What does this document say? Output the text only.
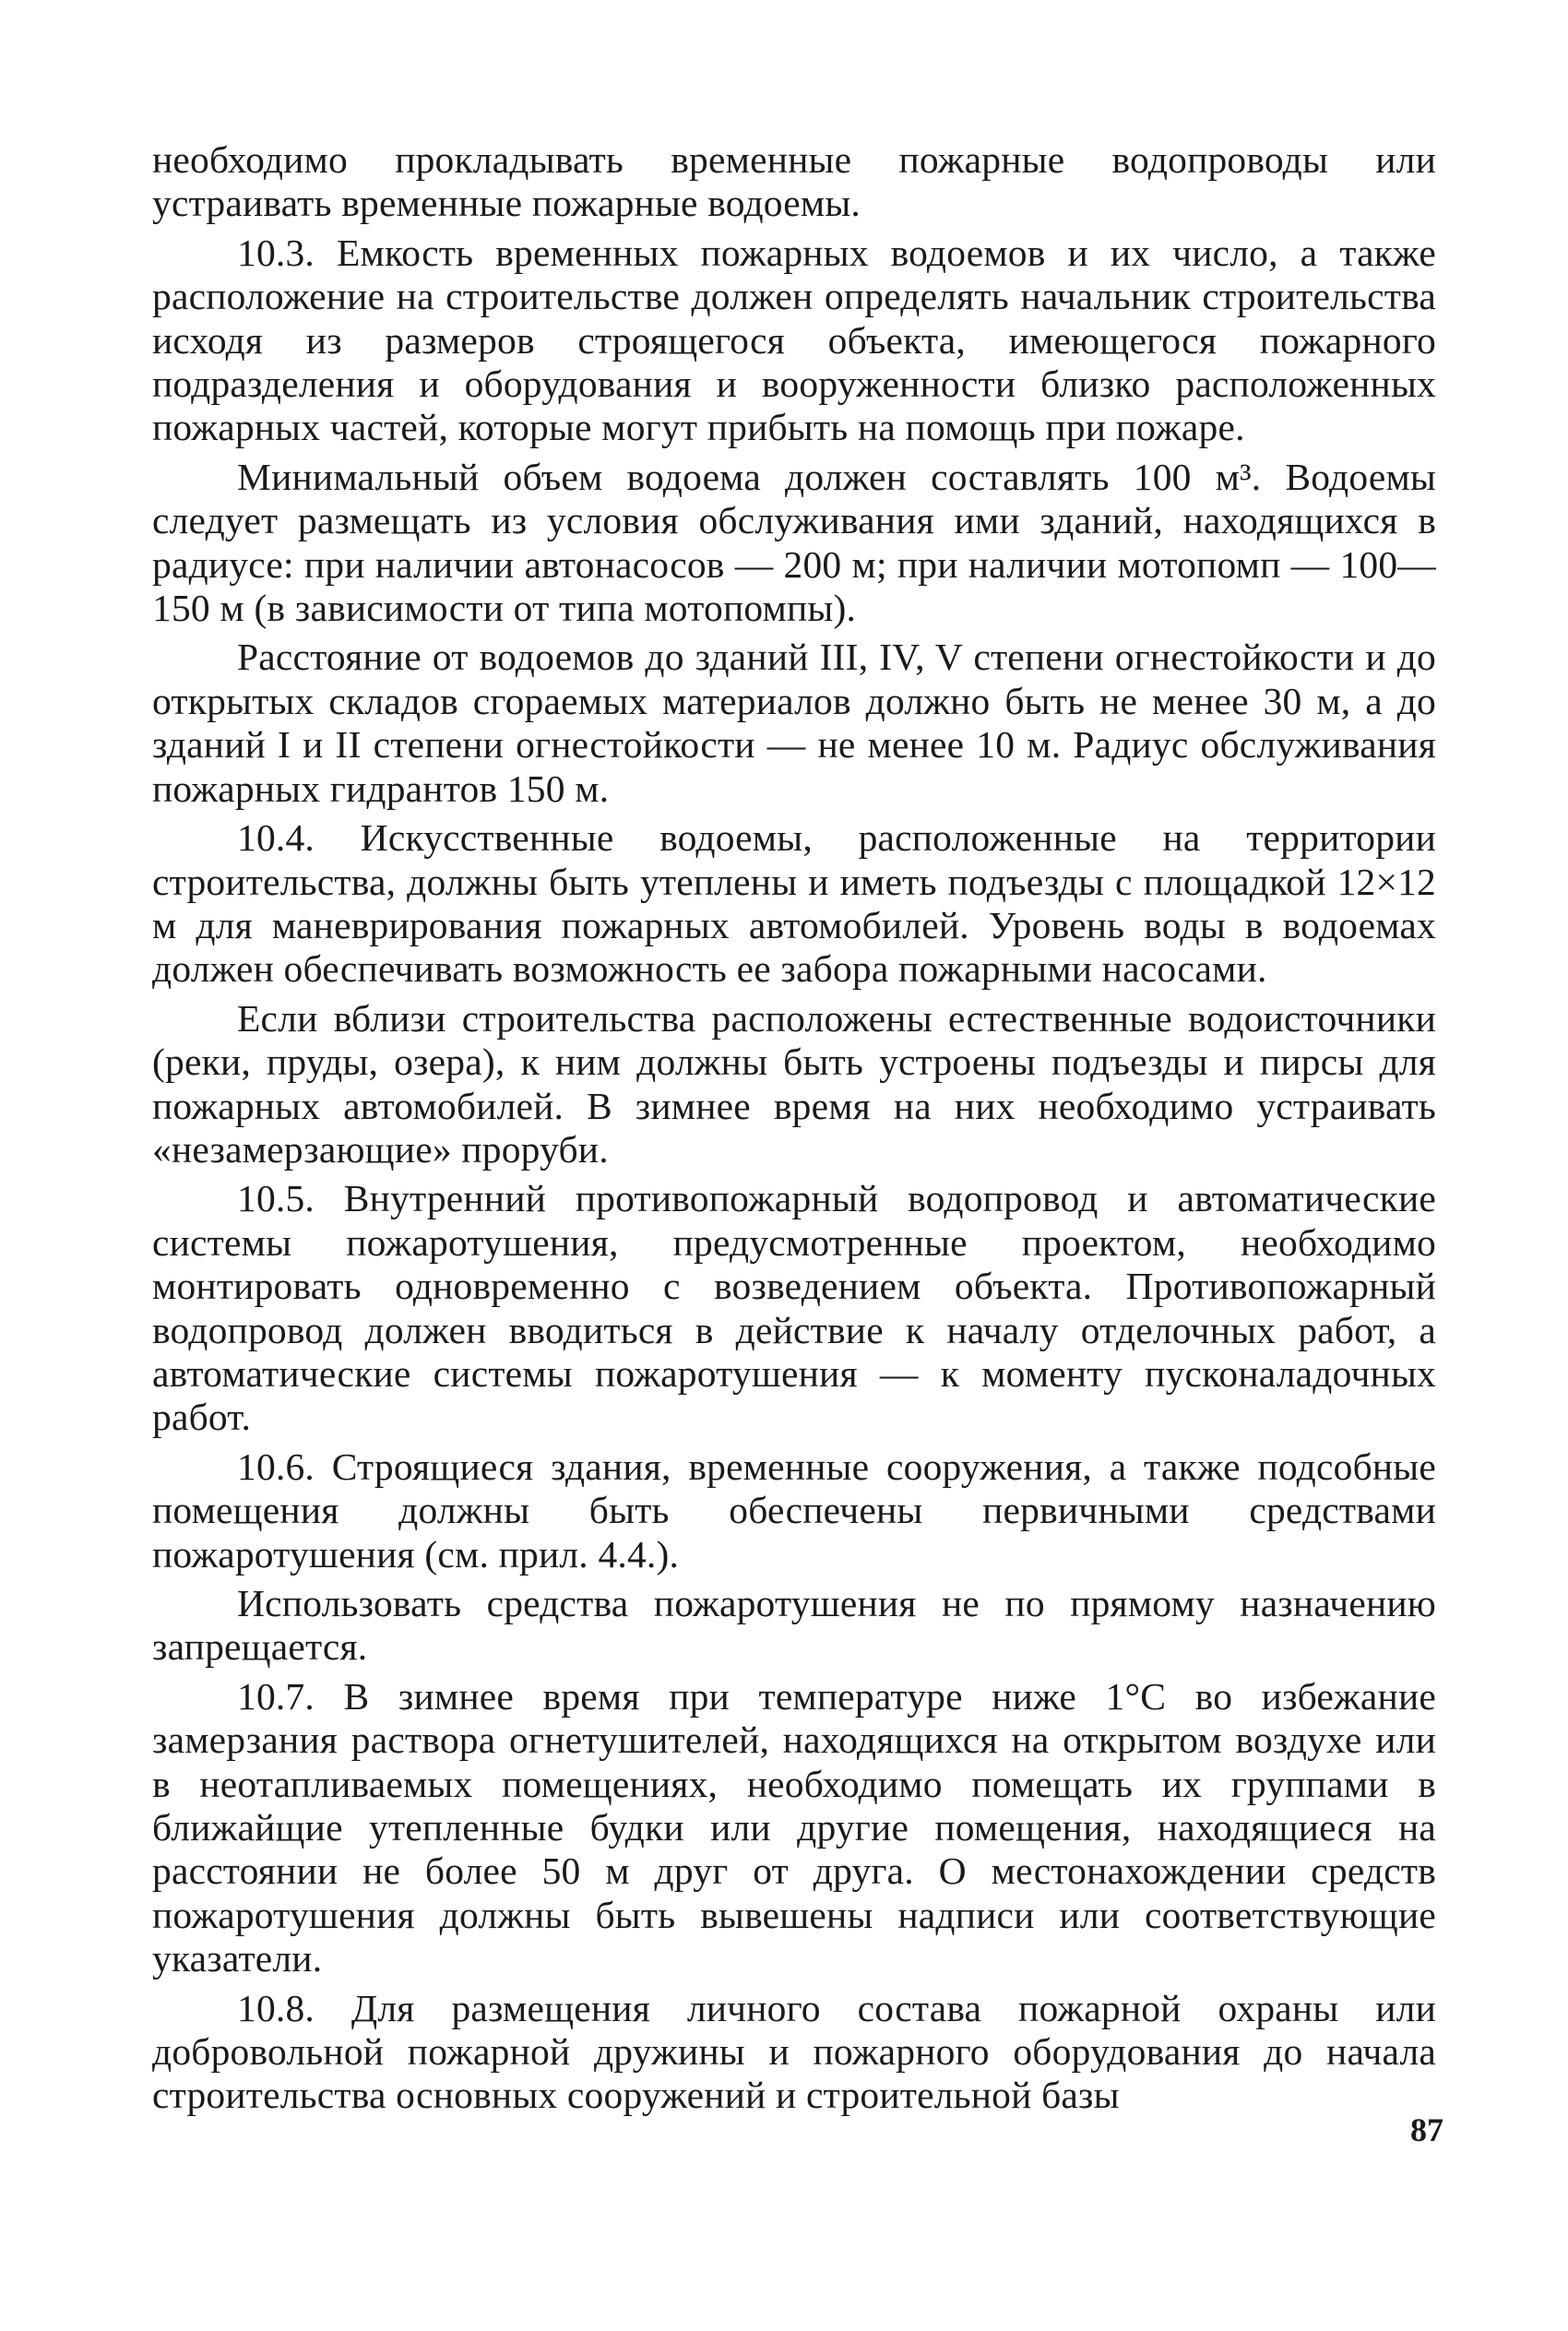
необходимо прокладывать временные пожарные водопроводы или устраивать временные пожарные водоемы.

10.3. Емкость временных пожарных водоемов и их число, а также расположение на строительстве должен определять начальник строительства исходя из размеров строящегося объекта, имеющегося пожарного подразделения и оборудования и вооруженности близко расположенных пожарных частей, которые могут прибыть на помощь при пожаре.

Минимальный объем водоема должен составлять 100 м³. Водоемы следует размещать из условия обслуживания ими зданий, находящихся в радиусе: при наличии автонасосов — 200 м; при наличии мотопомп — 100—150 м (в зависимости от типа мотопомпы).

Расстояние от водоемов до зданий III, IV, V степени огнестойкости и до открытых складов сгораемых материалов должно быть не менее 30 м, а до зданий I и II степени огнестойкости — не менее 10 м. Радиус обслуживания пожарных гидрантов 150 м.

10.4. Искусственные водоемы, расположенные на территории строительства, должны быть утеплены и иметь подъезды с площадкой 12×12 м для маневрирования пожарных автомобилей. Уровень воды в водоемах должен обеспечивать возможность ее забора пожарными насосами.

Если вблизи строительства расположены естественные водоисточники (реки, пруды, озера), к ним должны быть устроены подъезды и пирсы для пожарных автомобилей. В зимнее время на них необходимо устраивать «незамерзающие» проруби.

10.5. Внутренний противопожарный водопровод и автоматические системы пожаротушения, предусмотренные проектом, необходимо монтировать одновременно с возведением объекта. Противопожарный водопровод должен вводиться в действие к началу отделочных работ, а автоматические системы пожаротушения — к моменту пусконаладочных работ.

10.6. Строящиеся здания, временные сооружения, а также подсобные помещения должны быть обеспечены первичными средствами пожаротушения (см. прил. 4.4.).

Использовать средства пожаротушения не по прямому назначению запрещается.

10.7. В зимнее время при температуре ниже 1°С во избежание замерзания раствора огнетушителей, находящихся на открытом воздухе или в неотапливаемых помещениях, необходимо помещать их группами в ближайщие утепленные будки или другие помещения, находящиеся на расстоянии не более 50 м друг от друга. О местонахождении средств пожаротушения должны быть вывешены надписи или соответствующие указатели.

10.8. Для размещения личного состава пожарной охраны или добровольной пожарной дружины и пожарного оборудования до начала строительства основных сооружений и строительной базы

87
